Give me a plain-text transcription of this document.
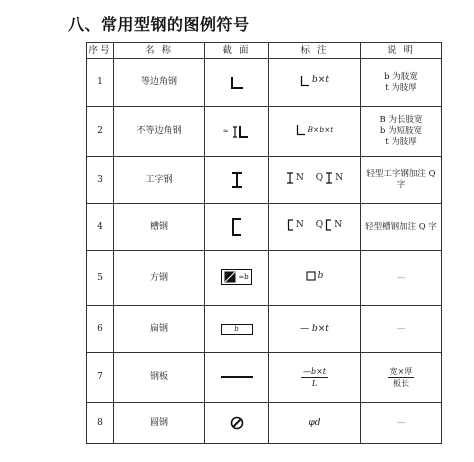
八、常用型钢的图例符号
序号	名 称	截 面	标 注	说 明
1	等边角钢		b×t	b 为肢宽
t 为肢厚

2	不等边角钢	≈	B×b×t	B 为长肢宽
b 为短肢宽
t 为肢厚

3	工字钢		N Q N	轻型工字钢加注 Q 字

4	槽钢		N Q N	轻型槽钢加注 Q 字

5	方钢	≈b	b	—

6	扁钢	b	— b×t	—

7	钢板		$\frac{—b\times t}{L}$	$\frac{\text{宽×厚}}{\text{板长}}$

8	圆钢		φd	—
